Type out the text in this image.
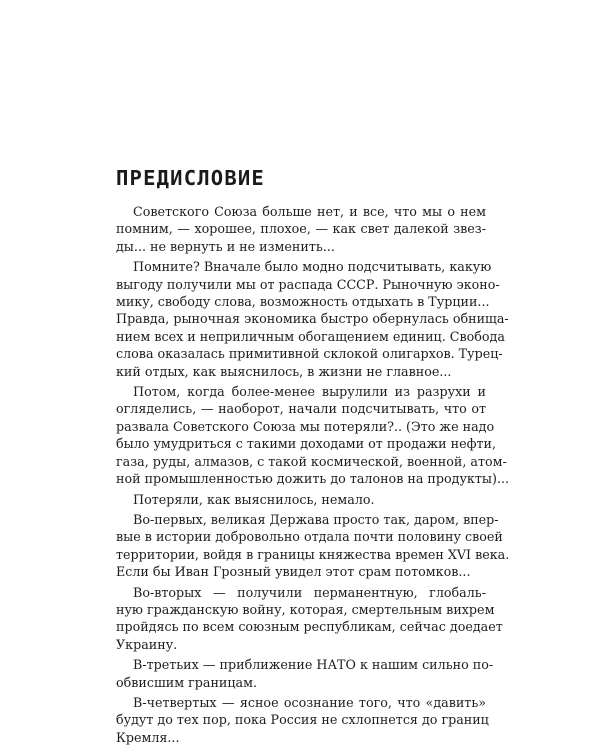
ПРЕДИСЛОВИЕ
Советского Союза больше нет, и все, что мы о нем
помним, — хорошее, плохое, — как свет далекой звез-
ды... не вернуть и не изменить...
Помните? Вначале было модно подсчитывать, какую
выгоду получили мы от распада СССР. Рыночную эконо-
мику, свободу слова, возможность отдыхать в Турции...
Правда, рыночная экономика быстро обернулась обнища-
нием всех и неприличным обогащением единиц. Свобода
слова оказалась примитивной склокой олигархов. Турец-
кий отдых, как выяснилось, в жизни не главное...
Потом, когда более-менее вырулили из разрухи и
огляделись, — наоборот, начали подсчитывать, что от
развала Советского Союза мы потеряли?.. (Это же надо
было умудриться с такими доходами от продажи нефти,
газа, руды, алмазов, с такой космической, военной, атом-
ной промышленностью дожить до талонов на продукты)...
Потеряли, как выяснилось, немало.
Во-первых, великая Держава просто так, даром, впер-
вые в истории добровольно отдала почти половину своей
территории, войдя в границы княжества времен XVI века.
Если бы Иван Грозный увидел этот срам потомков...
Во-вторых — получили перманентную, глобаль-
ную гражданскую войну, которая, смертельным вихрем
пройдясь по всем союзным республикам, сейчас доедает
Украину.
В-третьих — приближение НАТО к нашим сильно по-
обвисшим границам.
В-четвертых — ясное осознание того, что «давить»
будут до тех пор, пока Россия не схлопнется до границ
Кремля...
